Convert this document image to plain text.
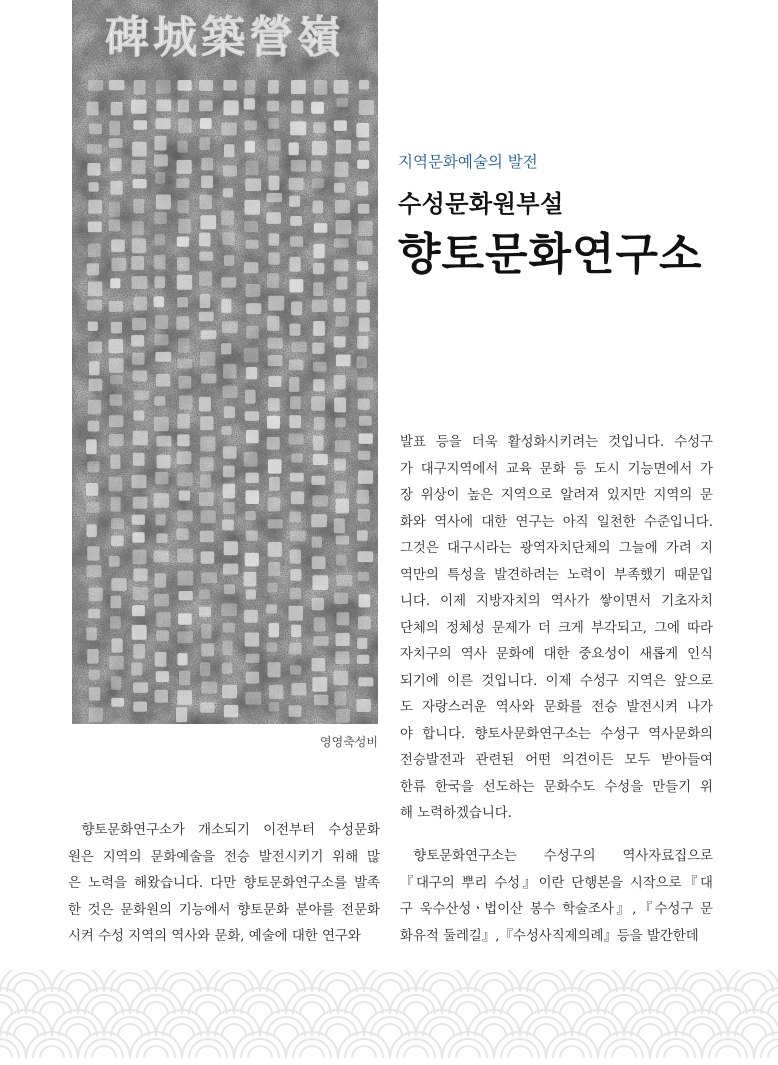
碑城築營嶺
영영축성비
지역문화예술의 발전
수성문화원부설
향토문화연구소

향토문화연구소가 개소되기 이전부터 수성문화
원은 지역의 문화예술을 전승 발전시키기 위해 많
은 노력을 해왔습니다. 다만 향토문화연구소를 발족
한 것은 문화원의 기능에서 향토문화 분야를 전문화
시켜 수성 지역의 역사와 문화, 예술에 대한 연구와

발표 등을 더욱 활성화시키려는 것입니다. 수성구
가 대구지역에서 교육 문화 등 도시 기능면에서 가
장 위상이 높은 지역으로 알려져 있지만 지역의 문
화와 역사에 대한 연구는 아직 일천한 수준입니다.
그것은 대구시라는 광역자치단체의 그늘에 가려 지
역만의 특성을 발견하려는 노력이 부족했기 때문입
니다. 이제 지방자치의 역사가 쌓이면서 기초자치
단체의 정체성 문제가 더 크게 부각되고, 그에 따라
자치구의 역사 문화에 대한 중요성이 새롭게 인식
되기에 이른 것입니다. 이제 수성구 지역은 앞으로
도 자랑스러운 역사와 문화를 전승 발전시켜 나가
야 합니다. 향토사문화연구소는 수성구 역사문화의
전승발전과 관련된 어떤 의견이든 모두 받아들여
한류 한국을 선도하는 문화수도 수성을 만들기 위
해 노력하겠습니다.

향토문화연구소는 수성구의 역사자료집으로
『대구의 뿌리 수성』이란 단행본을 시작으로『대
구 욱수산성ㆍ법이산 봉수 학술조사』,『수성구 문
화유적 둘레길』,『수성사직제의례』등을 발간한데
